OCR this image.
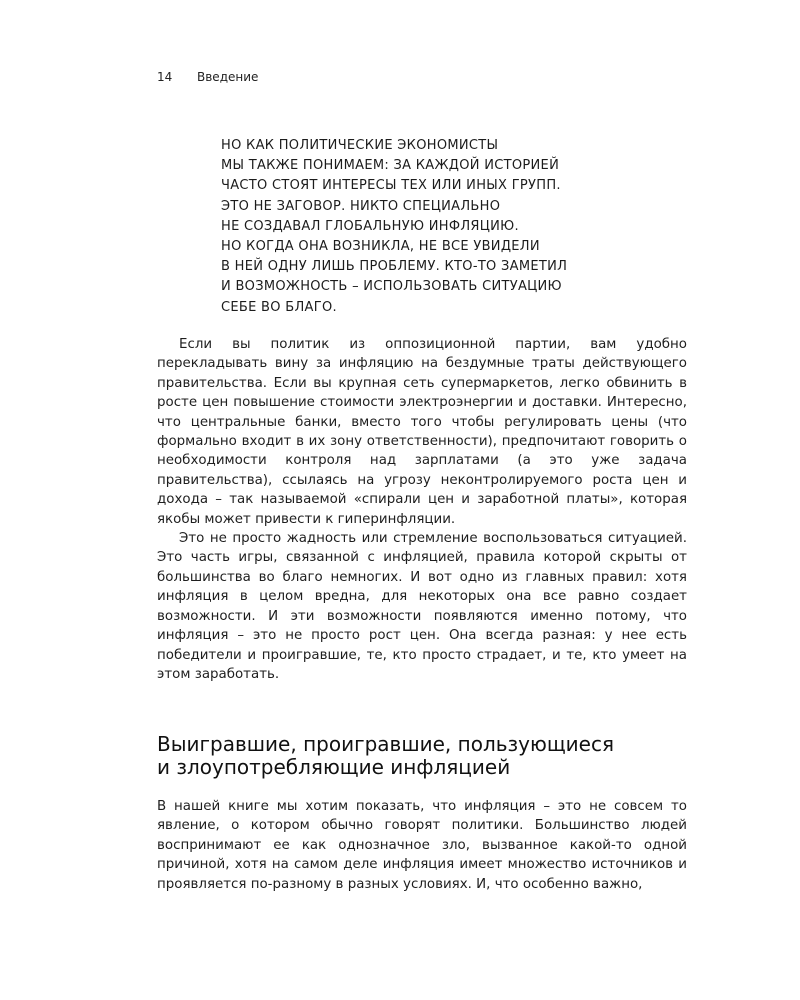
14 Введение
НО КАК ПОЛИТИЧЕСКИЕ ЭКОНОМИСТЫ
МЫ ТАКЖЕ ПОНИМАЕМ: ЗА КАЖДОЙ ИСТОРИЕЙ
ЧАСТО СТОЯТ ИНТЕРЕСЫ ТЕХ ИЛИ ИНЫХ ГРУПП.
ЭТО НЕ ЗАГОВОР. НИКТО СПЕЦИАЛЬНО
НЕ СОЗДАВАЛ ГЛОБАЛЬНУЮ ИНФЛЯЦИЮ.
НО КОГДА ОНА ВОЗНИКЛА, НЕ ВСЕ УВИДЕЛИ
В НЕЙ ОДНУ ЛИШЬ ПРОБЛЕМУ. КТО-ТО ЗАМЕТИЛ
И ВОЗМОЖНОСТЬ – ИСПОЛЬЗОВАТЬ СИТУАЦИЮ
СЕБЕ ВО БЛАГО.

Если вы политик из оппозиционной партии, вам удобно перекладывать вину за инфляцию на бездумные траты действующего правительства. Если вы крупная сеть супермаркетов, легко обвинить в росте цен повышение стоимости электроэнергии и доставки. Интересно, что центральные банки, вместо того чтобы регулировать цены (что формально входит в их зону ответственности), предпочитают говорить о необходимости контроля над зарплатами (а это уже задача правительства), ссылаясь на угрозу неконтролируемого роста цен и дохода – так называемой «спирали цен и заработной платы», которая якобы может привести к гиперинфляции.

Это не просто жадность или стремление воспользоваться ситуацией. Это часть игры, связанной с инфляцией, правила которой скрыты от большинства во благо немногих. И вот одно из главных правил: хотя инфляция в целом вредна, для некоторых она все равно создает возможности. И эти возможности появляются именно потому, что инфляция – это не просто рост цен. Она всегда разная: у нее есть победители и проигравшие, те, кто просто страдает, и те, кто умеет на этом заработать.

Выигравшие, проигравшие, пользующиеся
и злоупотребляющие инфляцией

В нашей книге мы хотим показать, что инфляция – это не совсем то явление, о котором обычно говорят политики. Большинство людей воспринимают ее как однозначное зло, вызванное какой-то одной причиной, хотя на самом деле инфляция имеет множество источников и проявляется по-разному в разных условиях. И, что особенно важно,
